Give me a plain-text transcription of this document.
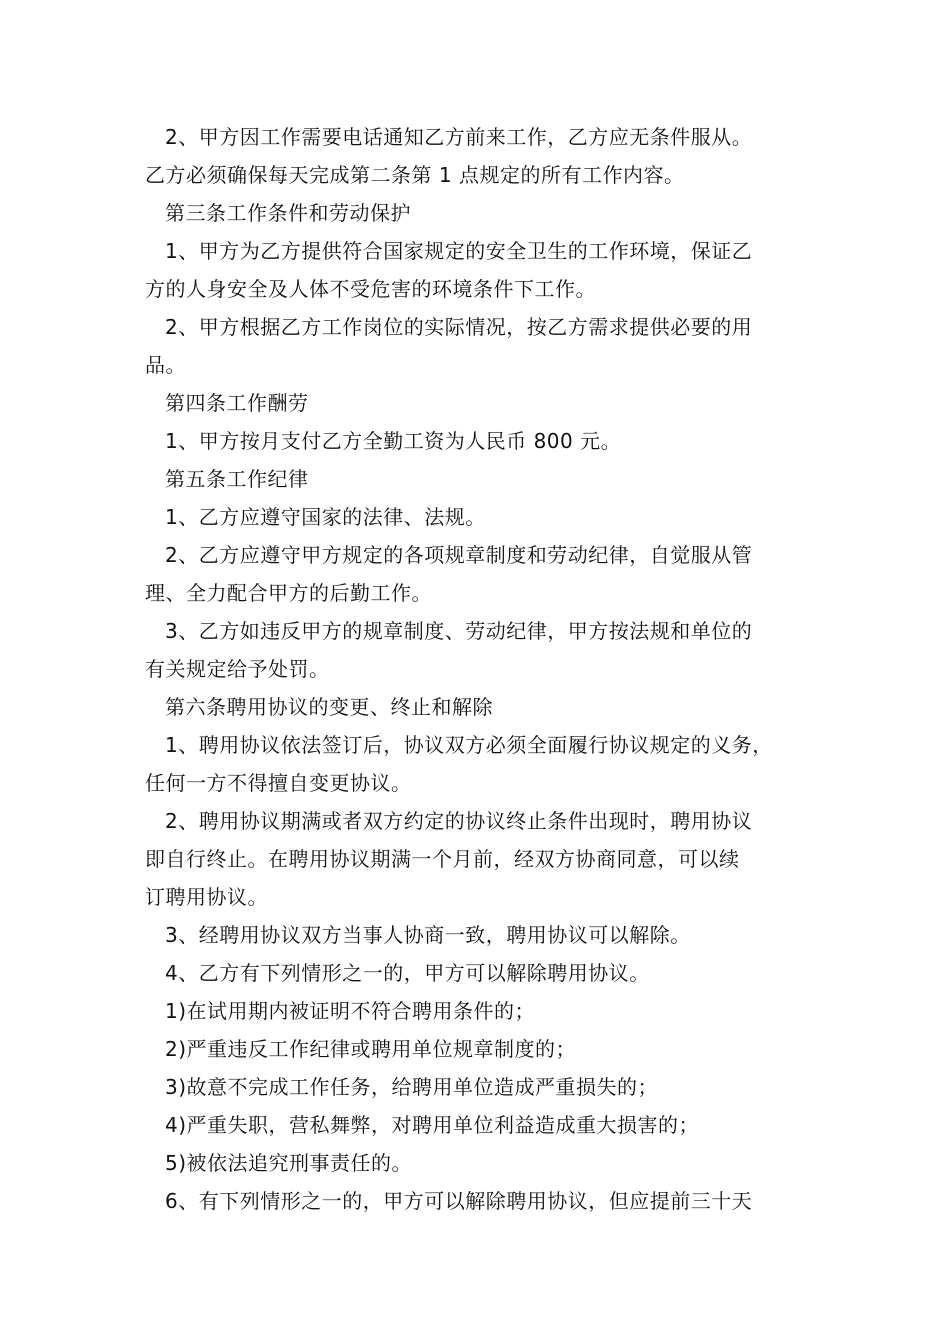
2、甲方因工作需要电话通知乙方前来工作，乙方应无条件服从。
乙方必须确保每天完成第二条第 1 点规定的所有工作内容。
第三条工作条件和劳动保护
1、甲方为乙方提供符合国家规定的安全卫生的工作环境，保证乙
方的人身安全及人体不受危害的环境条件下工作。
2、甲方根据乙方工作岗位的实际情况，按乙方需求提供必要的用
品。
第四条工作酬劳
1、甲方按月支付乙方全勤工资为人民币 800 元。
第五条工作纪律
1、乙方应遵守国家的法律、法规。
2、乙方应遵守甲方规定的各项规章制度和劳动纪律，自觉服从管
理、全力配合甲方的后勤工作。
3、乙方如违反甲方的规章制度、劳动纪律，甲方按法规和单位的
有关规定给予处罚。
第六条聘用协议的变更、终止和解除
1、聘用协议依法签订后，协议双方必须全面履行协议规定的义务，
任何一方不得擅自变更协议。
2、聘用协议期满或者双方约定的协议终止条件出现时，聘用协议
即自行终止。在聘用协议期满一个月前，经双方协商同意，可以续
订聘用协议。
3、经聘用协议双方当事人协商一致，聘用协议可以解除。
4、乙方有下列情形之一的，甲方可以解除聘用协议。
1)在试用期内被证明不符合聘用条件的；
2)严重违反工作纪律或聘用单位规章制度的；
3)故意不完成工作任务，给聘用单位造成严重损失的；
4)严重失职，营私舞弊，对聘用单位利益造成重大损害的；
5)被依法追究刑事责任的。
6、有下列情形之一的，甲方可以解除聘用协议，但应提前三十天
